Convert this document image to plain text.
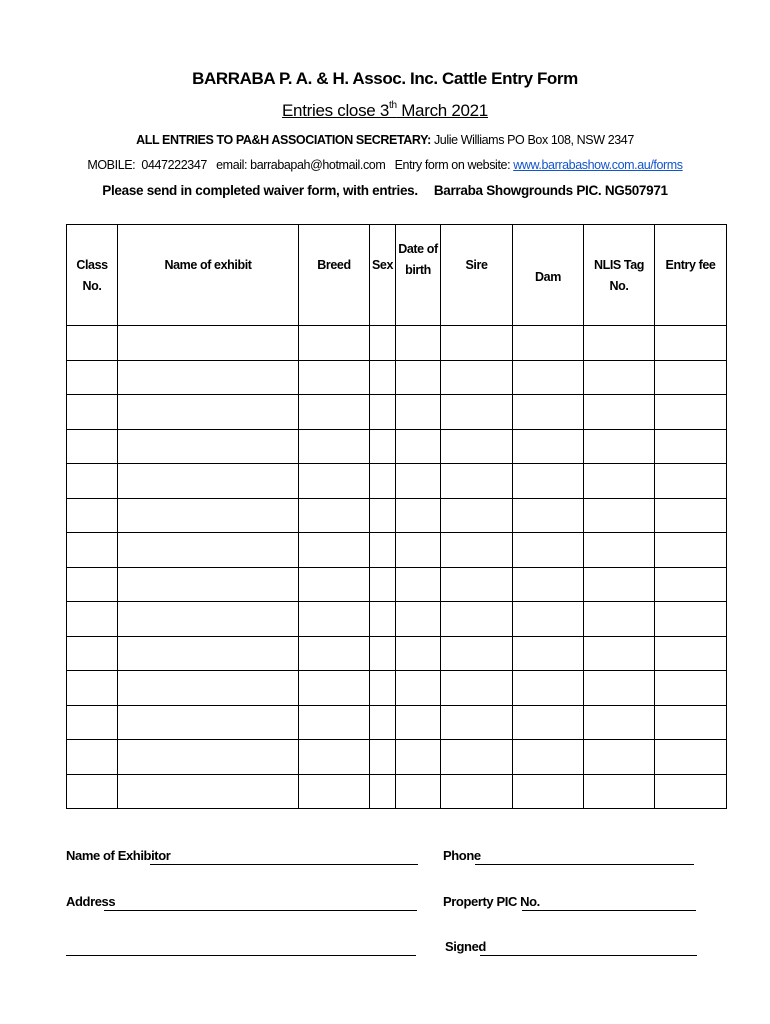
BARRABA P. A. & H. Assoc. Inc. Cattle Entry Form
Entries close 3th March 2021
ALL ENTRIES TO PA&H ASSOCIATION SECRETARY: Julie Williams PO Box 108, NSW 2347
MOBILE:  0447222347   email: barrabapah@hotmail.com   Entry form on website: www.barrabashow.com.au/forms
Please send in completed waiver form, with entries. Barraba Showgrounds PIC. NG507971
Class No.	Name of exhibit	Breed	Sex	Date of birth	Sire	Dam	NLIS Tag No.	Entry fee

Name of Exhibitor	Phone
Address	Property PIC No.
Signed
